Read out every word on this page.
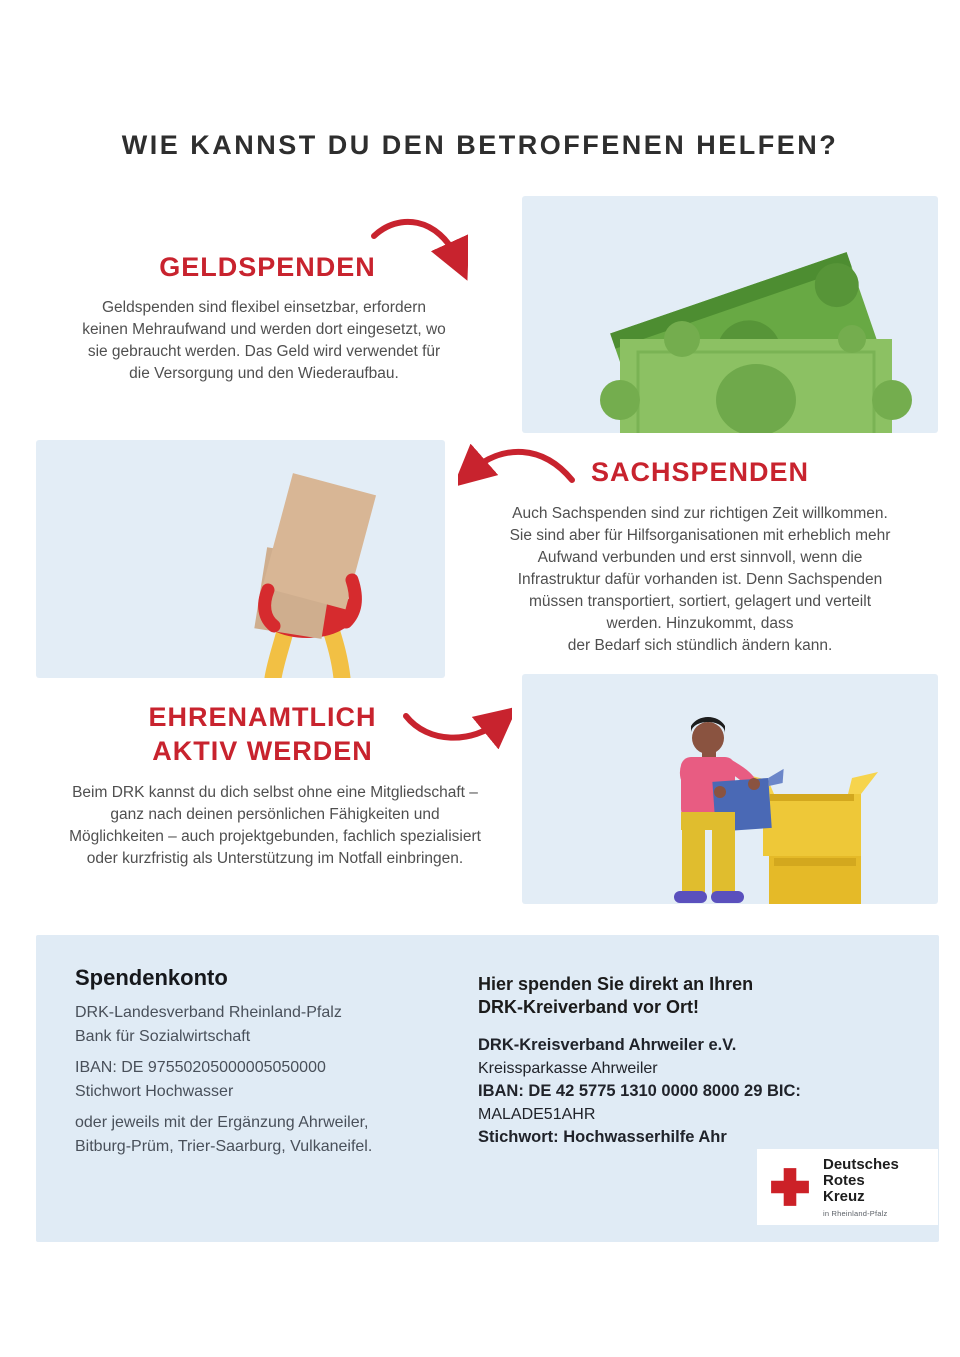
WIE KANNST DU DEN BETROFFENEN HELFEN?
GELDSPENDEN
Geldspenden sind flexibel einsetzbar, erfordern
keinen Mehraufwand und werden dort eingesetzt, wo
sie gebraucht werden. Das Geld wird verwendet für
die Versorgung und den Wiederaufbau.
SACHSPENDEN
Auch Sachspenden sind zur richtigen Zeit willkommen.
Sie sind aber für Hilfsorganisationen mit erheblich mehr
Aufwand verbunden und erst sinnvoll, wenn die
Infrastruktur dafür vorhanden ist. Denn Sachspenden
müssen transportiert, sortiert, gelagert und verteilt
werden. Hinzukommt, dass
der Bedarf sich stündlich ändern kann.
EHRENAMTLICH
AKTIV WERDEN
Beim DRK kannst du dich selbst ohne eine Mitgliedschaft –
ganz nach deinen persönlichen Fähigkeiten und
Möglichkeiten – auch projektgebunden, fachlich spezialisiert
oder kurzfristig als Unterstützung im Notfall einbringen.
Spendenkonto
DRK-Landesverband Rheinland-Pfalz
Bank für Sozialwirtschaft
IBAN: DE 97550205000005050000
Stichwort Hochwasser
oder jeweils mit der Ergänzung Ahrweiler,
Bitburg-Prüm, Trier-Saarburg, Vulkaneifel.
Hier spenden Sie direkt an Ihren
DRK-Kreiverband vor Ort!
DRK-Kreisverband Ahrweiler e.V.
Kreissparkasse Ahrweiler
IBAN: DE 42 5775 1310 0000 8000 29 BIC:
MALADE51AHR
Stichwort: Hochwasserhilfe Ahr
Deutsches
Rotes
Kreuz
in Rheinland-Pfalz
